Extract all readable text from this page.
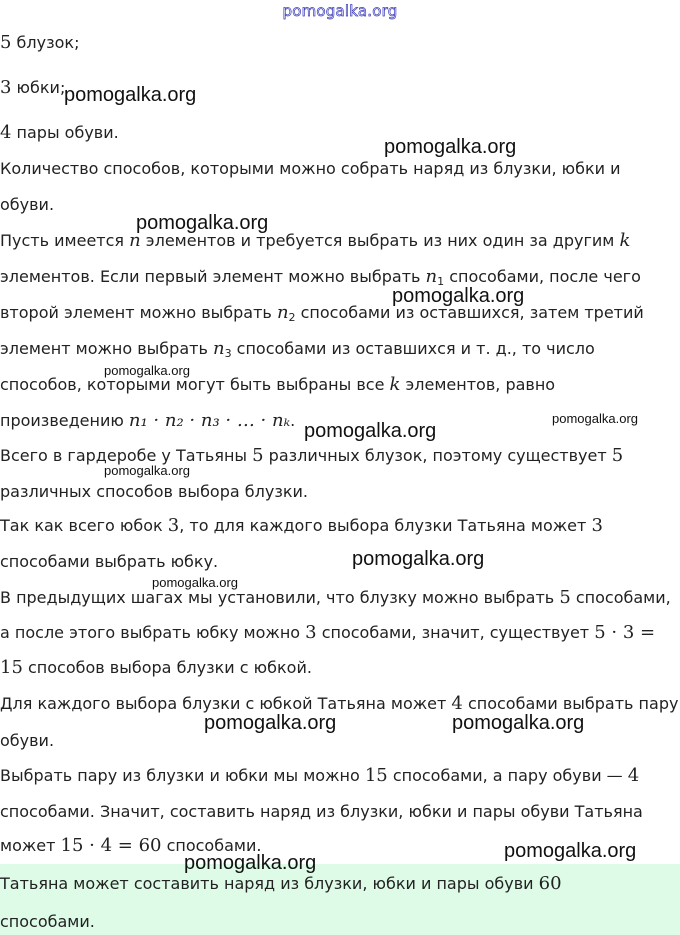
pomogalka.org
5 блузок;
3 юбки;
4 пары обуви.
Количество способов, которыми можно собрать наряд из блузки, юбки и
обуви.
Пусть имеется n элементов и требуется выбрать из них один за другим k
элементов. Если первый элемент можно выбрать $n_1$ способами, после чего
второй элемент можно выбрать $n_2$ способами из оставшихся, затем третий
элемент можно выбрать $n_3$ способами из оставшихся и т. д., то число
способов, которыми могут быть выбраны все k элементов, равно
произведению n₁ · n₂ · n₃ · … · nₖ.
Всего в гардеробе у Татьяны 5 различных блузок, поэтому существует 5
различных способов выбора блузки.
Так как всего юбок 3, то для каждого выбора блузки Татьяна может 3
способами выбрать юбку.
В предыдущих шагах мы установили, что блузку можно выбрать 5 способами,
а после этого выбрать юбку можно 3 способами, значит, существует 5 · 3 =
15 способов выбора блузки с юбкой.
Для каждого выбора блузки с юбкой Татьяна может 4 способами выбрать пару
обуви.
Выбрать пару из блузки и юбки мы можно 15 способами, а пару обуви — 4
способами. Значит, составить наряд из блузки, юбки и пары обуви Татьяна
может 15 · 4 = 60 способами.
Татьяна может составить наряд из блузки, юбки и пары обуви 60
способами.
pomogalka.org
pomogalka.org
pomogalka.org
pomogalka.org
pomogalka.org
pomogalka.org
pomogalka.org
pomogalka.org
pomogalka.org
pomogalka.org
pomogalka.org	pomogalka.org
pomogalka.org
pomogalka.org
